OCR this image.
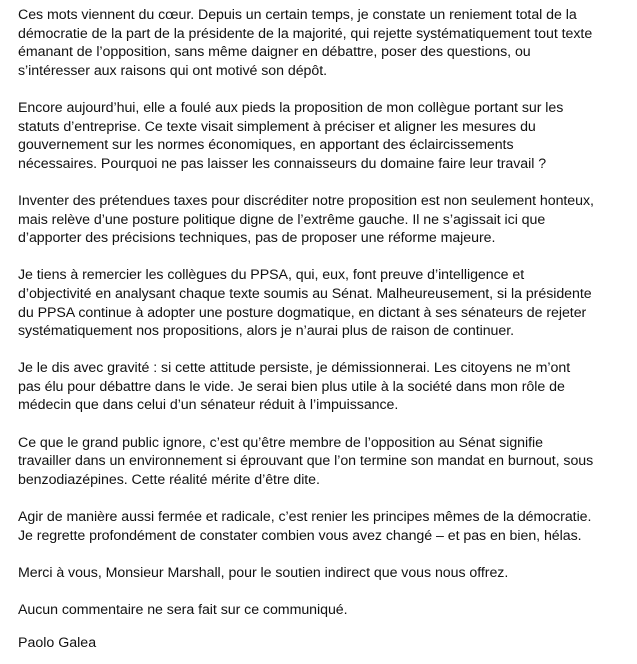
Ces mots viennent du cœur. Depuis un certain temps, je constate un reniement total de la
démocratie de la part de la présidente de la majorité, qui rejette systématiquement tout texte
émanant de l’opposition, sans même daigner en débattre, poser des questions, ou
s’intéresser aux raisons qui ont motivé son dépôt.

Encore aujourd’hui, elle a foulé aux pieds la proposition de mon collègue portant sur les
statuts d’entreprise. Ce texte visait simplement à préciser et aligner les mesures du
gouvernement sur les normes économiques, en apportant des éclaircissements
nécessaires. Pourquoi ne pas laisser les connaisseurs du domaine faire leur travail ?

Inventer des prétendues taxes pour discréditer notre proposition est non seulement honteux,
mais relève d’une posture politique digne de l’extrême gauche. Il ne s’agissait ici que
d’apporter des précisions techniques, pas de proposer une réforme majeure.

Je tiens à remercier les collègues du PPSA, qui, eux, font preuve d’intelligence et
d’objectivité en analysant chaque texte soumis au Sénat. Malheureusement, si la présidente
du PPSA continue à adopter une posture dogmatique, en dictant à ses sénateurs de rejeter
systématiquement nos propositions, alors je n’aurai plus de raison de continuer.

Je le dis avec gravité : si cette attitude persiste, je démissionnerai. Les citoyens ne m’ont
pas élu pour débattre dans le vide. Je serai bien plus utile à la société dans mon rôle de
médecin que dans celui d’un sénateur réduit à l’impuissance.

Ce que le grand public ignore, c’est qu’être membre de l’opposition au Sénat signifie
travailler dans un environnement si éprouvant que l’on termine son mandat en burnout, sous
benzodiazépines. Cette réalité mérite d’être dite.

Agir de manière aussi fermée et radicale, c’est renier les principes mêmes de la démocratie.
Je regrette profondément de constater combien vous avez changé – et pas en bien, hélas.

Merci à vous, Monsieur Marshall, pour le soutien indirect que vous nous offrez.

Aucun commentaire ne sera fait sur ce communiqué.

Paolo Galea
